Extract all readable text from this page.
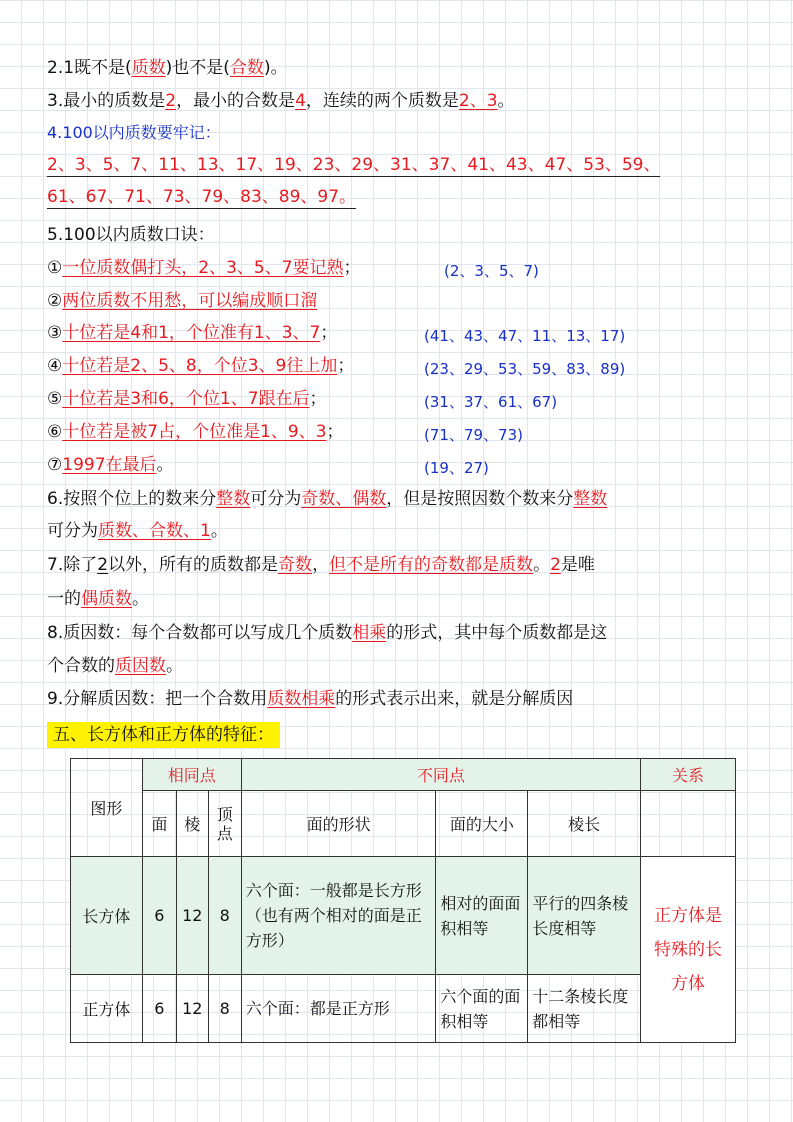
2.1既不是(质数)也不是(合数)。
3.最小的质数是2，最小的合数是4，连续的两个质数是2、3。
4.100以内质数要牢记：
2、3、5、7、11、13、17、19、23、29、31、37、41、43、47、53、59、
61、67、71、73、79、83、89、97。
5.100以内质数口诀：
①一位质数偶打头，2、3、5、7要记熟；	(2、3、5、7)
②两位质数不用愁，可以编成顺口溜
③十位若是4和1，个位准有1、3、7；	(41、43、47、11、13、17)
④十位若是2、5、8，个位3、9往上加；	(23、29、53、59、83、89)
⑤十位若是3和6，个位1、7跟在后；	(31、37、61、67)
⑥十位若是被7占，个位准是1、9、3；	(71、79、73)
⑦1997在最后。	(19、27)
6.按照个位上的数来分整数可分为奇数、偶数，但是按照因数个数来分整数
可分为质数、合数、1。
7.除了2以外，所有的质数都是奇数，但不是所有的奇数都是质数。2是唯
一的偶质数。
8.质因数：每个合数都可以写成几个质数相乘的形式，其中每个质数都是这
个合数的质因数。
9.分解质因数：把一个合数用质数相乘的形式表示出来，就是分解质因
五、长方体和正方体的特征：
图形	相同点			不同点			关系
	面	棱	顶点	面的形状	面的大小	棱长	
长方体	6	12	8	六个面：一般都是长方形（也有两个相对的面是正方形）	相对的面面积相等	平行的四条棱长度相等	正方体是特殊的长方体
正方体	6	12	8	六个面：都是正方形	六个面的面积相等	十二条棱长度都相等	
